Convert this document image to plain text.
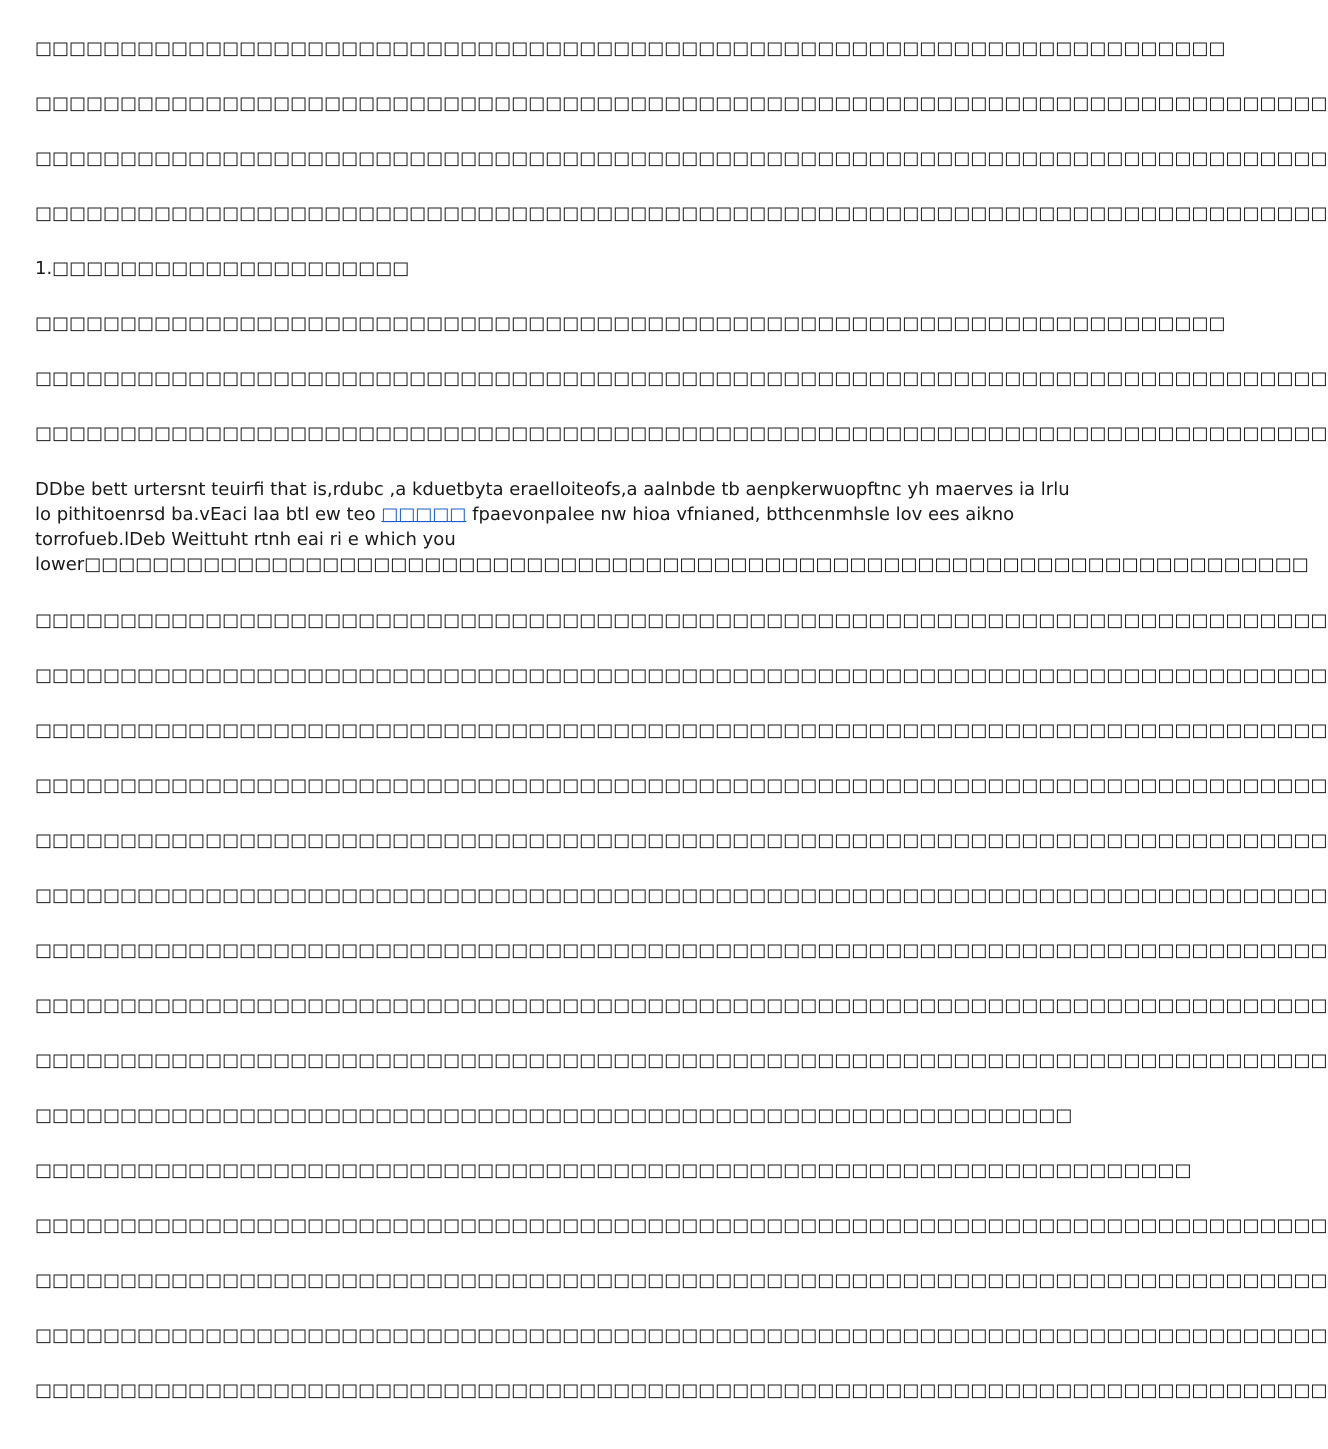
□□□□□□□□□□□□□□□□□□□□□□□□□□□□□□□□□□□□□□□□□□□□□□□□□□□□□□□□□□□□□□□□□□□□□□
□□□□□□□□□□□□□□□□□□□□□□□□□□□□□□□□□□□□□□□□□□□□□□□□□□□□□□□□□□□□□□□□□□□□□□□□□□□□
□□□□□□□□□□□□□□□□□□□□□□□□□□□□□□□□□□□□□□□□□□□□□□□□□□□□□□□□□□□□□□□□□□□□□□□□□□□□
□□□□□□□□□□□□□□□□□□□□□□□□□□□□□□□□□□□□□□□□□□□□□□□□□□□□□□□□□□□□□□□□□□□□□□□□□□□□
1.□□□□□□□□□□□□□□□□□□□□□
□□□□□□□□□□□□□□□□□□□□□□□□□□□□□□□□□□□□□□□□□□□□□□□□□□□□□□□□□□□□□□□□□□□□□□
□□□□□□□□□□□□□□□□□□□□□□□□□□□□□□□□□□□□□□□□□□□□□□□□□□□□□□□□□□□□□□□□□□□□□□□□□□□□
□□□□□□□□□□□□□□□□□□□□□□□□□□□□□□□□□□□□□□□□□□□□□□□□□□□□□□□□□□□□□□□□□□□□□□□□□□□□
DDbe bett urtersnt teuirfi that is,rdubc ,a kduetbyta eraelloiteofs,a aalnbde tb aenpkerwuopftnc yh maerves ia lrlu
lo pithitoenrsd ba.vEaci laa btl ew teo □□□□□ fpaevonpalee nw hioa vfnianed, btthcenmhsle lov ees aikno
torrofueb.lDeb Weittuht rtnh eai ri e which you
lower□□□□□□□□□□□□□□□□□□□□□□□□□□□□□□□□□□□□□□□□□□□□□□□□□□□□□□□□□□□□□□□□□□□□□□□□
□□□□□□□□□□□□□□□□□□□□□□□□□□□□□□□□□□□□□□□□□□□□□□□□□□□□□□□□□□□□□□□□□□□□□□□□□□□□
□□□□□□□□□□□□□□□□□□□□□□□□□□□□□□□□□□□□□□□□□□□□□□□□□□□□□□□□□□□□□□□□□□□□□□□□□□□□
□□□□□□□□□□□□□□□□□□□□□□□□□□□□□□□□□□□□□□□□□□□□□□□□□□□□□□□□□□□□□□□□□□□□□□□□□□□□
□□□□□□□□□□□□□□□□□□□□□□□□□□□□□□□□□□□□□□□□□□□□□□□□□□□□□□□□□□□□□□□□□□□□□□□□□□□□
□□□□□□□□□□□□□□□□□□□□□□□□□□□□□□□□□□□□□□□□□□□□□□□□□□□□□□□□□□□□□□□□□□□□□□□□□□□□
□□□□□□□□□□□□□□□□□□□□□□□□□□□□□□□□□□□□□□□□□□□□□□□□□□□□□□□□□□□□□□□□□□□□□□□□□□□□
□□□□□□□□□□□□□□□□□□□□□□□□□□□□□□□□□□□□□□□□□□□□□□□□□□□□□□□□□□□□□□□□□□□□□□□□□□□□
□□□□□□□□□□□□□□□□□□□□□□□□□□□□□□□□□□□□□□□□□□□□□□□□□□□□□□□□□□□□□□□□□□□□□□□□□□□□
□□□□□□□□□□□□□□□□□□□□□□□□□□□□□□□□□□□□□□□□□□□□□□□□□□□□□□□□□□□□□□□□□□□□□□□□□□□□
□□□□□□□□□□□□□□□□□□□□□□□□□□□□□□□□□□□□□□□□□□□□□□□□□□□□□□□□□□□□□
□□□□□□□□□□□□□□□□□□□□□□□□□□□□□□□□□□□□□□□□□□□□□□□□□□□□□□□□□□□□□□□□□□□□
□□□□□□□□□□□□□□□□□□□□□□□□□□□□□□□□□□□□□□□□□□□□□□□□□□□□□□□□□□□□□□□□□□□□□□□□□□□□
□□□□□□□□□□□□□□□□□□□□□□□□□□□□□□□□□□□□□□□□□□□□□□□□□□□□□□□□□□□□□□□□□□□□□□□□□□□□
□□□□□□□□□□□□□□□□□□□□□□□□□□□□□□□□□□□□□□□□□□□□□□□□□□□□□□□□□□□□□□□□□□□□□□□□□□□□
□□□□□□□□□□□□□□□□□□□□□□□□□□□□□□□□□□□□□□□□□□□□□□□□□□□□□□□□□□□□□□□□□□□□□□□□□□□□
